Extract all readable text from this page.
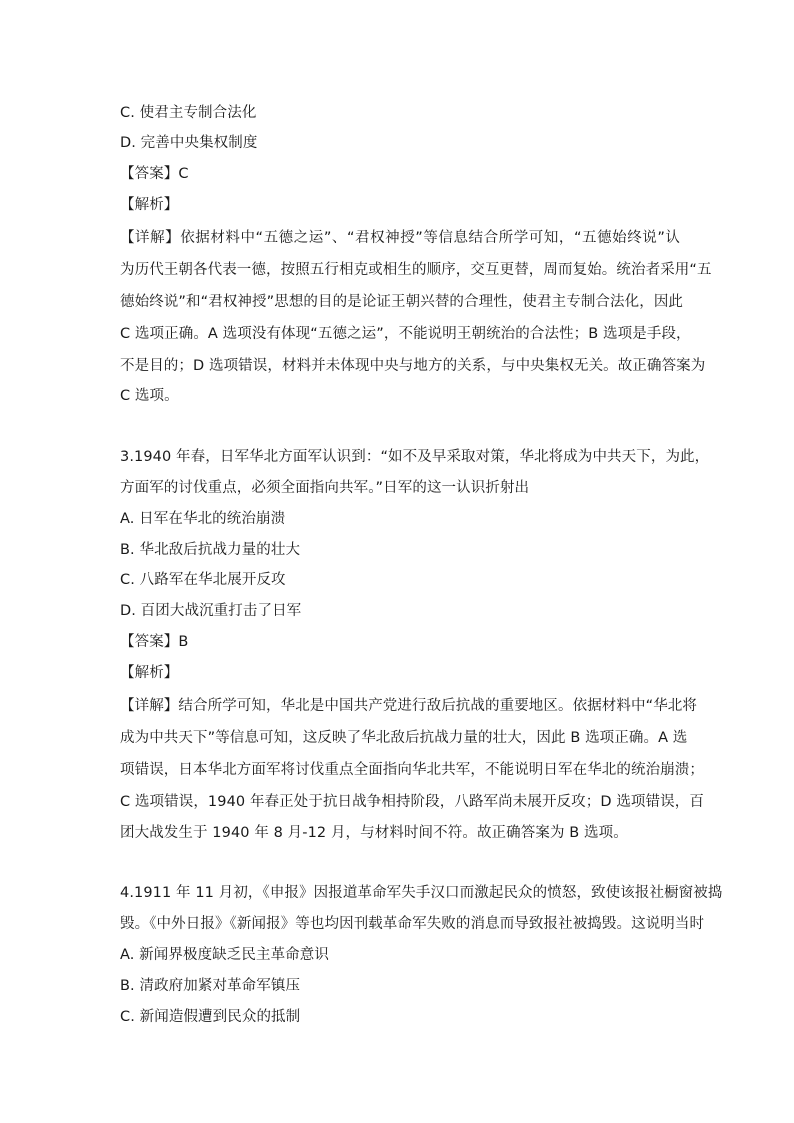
C. 使君主专制合法化
D. 完善中央集权制度
【答案】C
【解析】
【详解】依据材料中“五德之运”、“君权神授”等信息结合所学可知，“五德始终说”认
为历代王朝各代表一德，按照五行相克或相生的顺序，交互更替，周而复始。统治者采用“五
德始终说”和“君权神授”思想的目的是论证王朝兴替的合理性，使君主专制合法化，因此
C 选项正确。A 选项没有体现“五德之运”，不能说明王朝统治的合法性；B 选项是手段，
不是目的；D 选项错误，材料并未体现中央与地方的关系，与中央集权无关。故正确答案为
C 选项。
3.1940 年春，日军华北方面军认识到：“如不及早采取对策，华北将成为中共天下，为此，
方面军的讨伐重点，必须全面指向共军。”日军的这一认识折射出
A. 日军在华北的统治崩溃
B. 华北敌后抗战力量的壮大
C. 八路军在华北展开反攻
D. 百团大战沉重打击了日军
【答案】B
【解析】
【详解】结合所学可知，华北是中国共产党进行敌后抗战的重要地区。依据材料中“华北将
成为中共天下”等信息可知，这反映了华北敌后抗战力量的壮大，因此 B 选项正确。A 选
项错误，日本华北方面军将讨伐重点全面指向华北共军，不能说明日军在华北的统治崩溃；
C 选项错误，1940 年春正处于抗日战争相持阶段，八路军尚未展开反攻；D 选项错误，百
团大战发生于 1940 年 8 月-12 月，与材料时间不符。故正确答案为 B 选项。
4.1911 年 11 月初，《申报》因报道革命军失手汉口而激起民众的愤怒，致使该报社橱窗被捣
毁。《中外日报》《新闻报》等也均因刊载革命军失败的消息而导致报社被捣毁。这说明当时
A. 新闻界极度缺乏民主革命意识
B. 清政府加紧对革命军镇压
C. 新闻造假遭到民众的抵制
